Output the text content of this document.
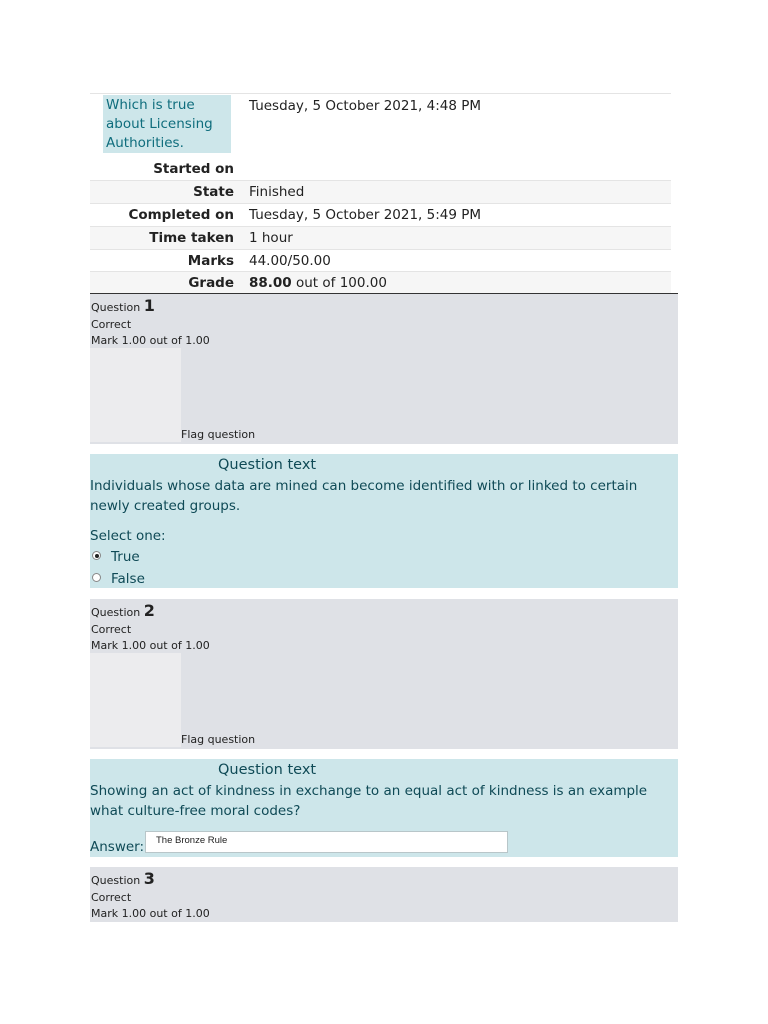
Which is true about Licensing Authorities.
Tuesday, 5 October 2021, 4:48 PM
Started on
State Finished
Completed on Tuesday, 5 October 2021, 5:49 PM
Time taken 1 hour
Marks 44.00/50.00
Grade 88.00 out of 100.00
Question 1
Correct
Mark 1.00 out of 1.00
Flag question
Question text
Individuals whose data are mined can become identified with or linked to certain newly created groups.
Select one:
True
False
Question 2
Correct
Mark 1.00 out of 1.00
Flag question
Question text
Showing an act of kindness in exchange to an equal act of kindness is an example what culture-free moral codes?
Answer:	The Bronze Rule
Question 3
Correct
Mark 1.00 out of 1.00
